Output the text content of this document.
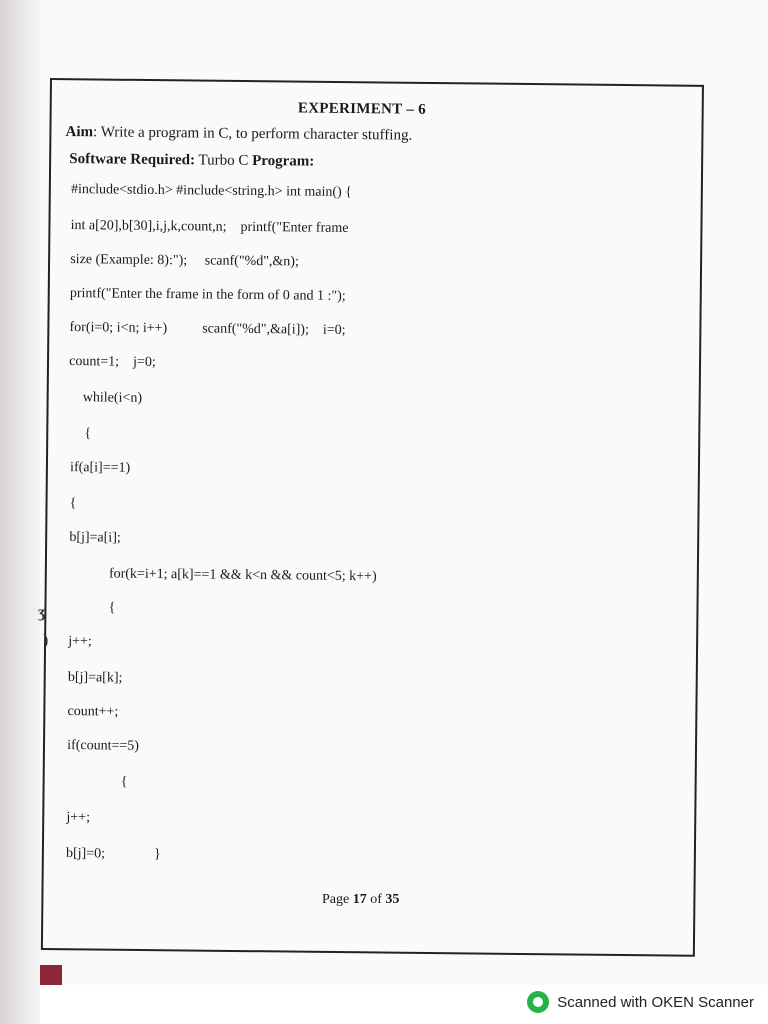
ʒ
)
EXPERIMENT – 6
Aim: Write a program in C, to perform character stuffing.
Software Required: Turbo C Program:
#include<stdio.h> #include<string.h> int main() {
int a[20],b[30],i,j,k,count,n;    printf("Enter frame
size (Example: 8):");     scanf("%d",&n);
printf("Enter the frame in the form of 0 and 1 :");
for(i=0; i<n; i++)          scanf("%d",&a[i]);    i=0;
count=1;    j=0;
while(i<n)
{
if(a[i]==1)
{
b[j]=a[i];
for(k=i+1; a[k]==1 && k<n && count<5; k++)
{
j++;
b[j]=a[k];
count++;
if(count==5)
{
j++;
b[j]=0;              }
Page 17 of 35
Scanned with OKEN Scanner
